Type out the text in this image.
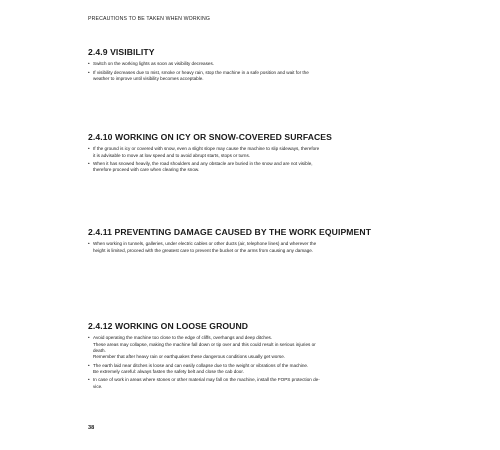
PRECAUTIONS TO BE TAKEN WHEN WORKING
2.4.9 VISIBILITY
• Switch on the working lights as soon as visibility decreases.
• If visibility decreases due to mist, smoke or heavy rain, stop the machine in a safe position and wait for the
weather to improve until visibility becomes acceptable.
2.4.10 WORKING ON ICY OR SNOW-COVERED SURFACES
• If the ground is icy or covered with snow, even a slight slope may cause the machine to slip sideways, therefore
it is advisable to move at low speed and to avoid abrupt starts, stops or turns.
• When it has snowed heavily, the road shoulders and any obstacle are buried in the snow and are not visible,
therefore proceed with care when clearing the snow.
2.4.11 PREVENTING DAMAGE CAUSED BY THE WORK EQUIPMENT
• When working in tunnels, galleries, under electric cables or other ducts (air, telephone lines) and wherever the
height is limited, proceed with the greatest care to prevent the bucket or the arms from causing any damage.
2.4.12 WORKING ON LOOSE GROUND
• Avoid operating the machine too close to the edge of cliffs, overhangs and deep ditches.
These areas may collapse, making the machine fall down or tip over and this could result in serious injuries or
death.
Remember that after heavy rain or earthquakes these dangerous conditions usually get worse.
• The earth laid near ditches is loose and can easily collapse due to the weight or vibrations of the machine.
Be extremely careful: always fasten the safety belt and close the cab door.
• In case of work in areas where stones or other material may fall on the machine, install the FOPS protection de-
vice.
38
